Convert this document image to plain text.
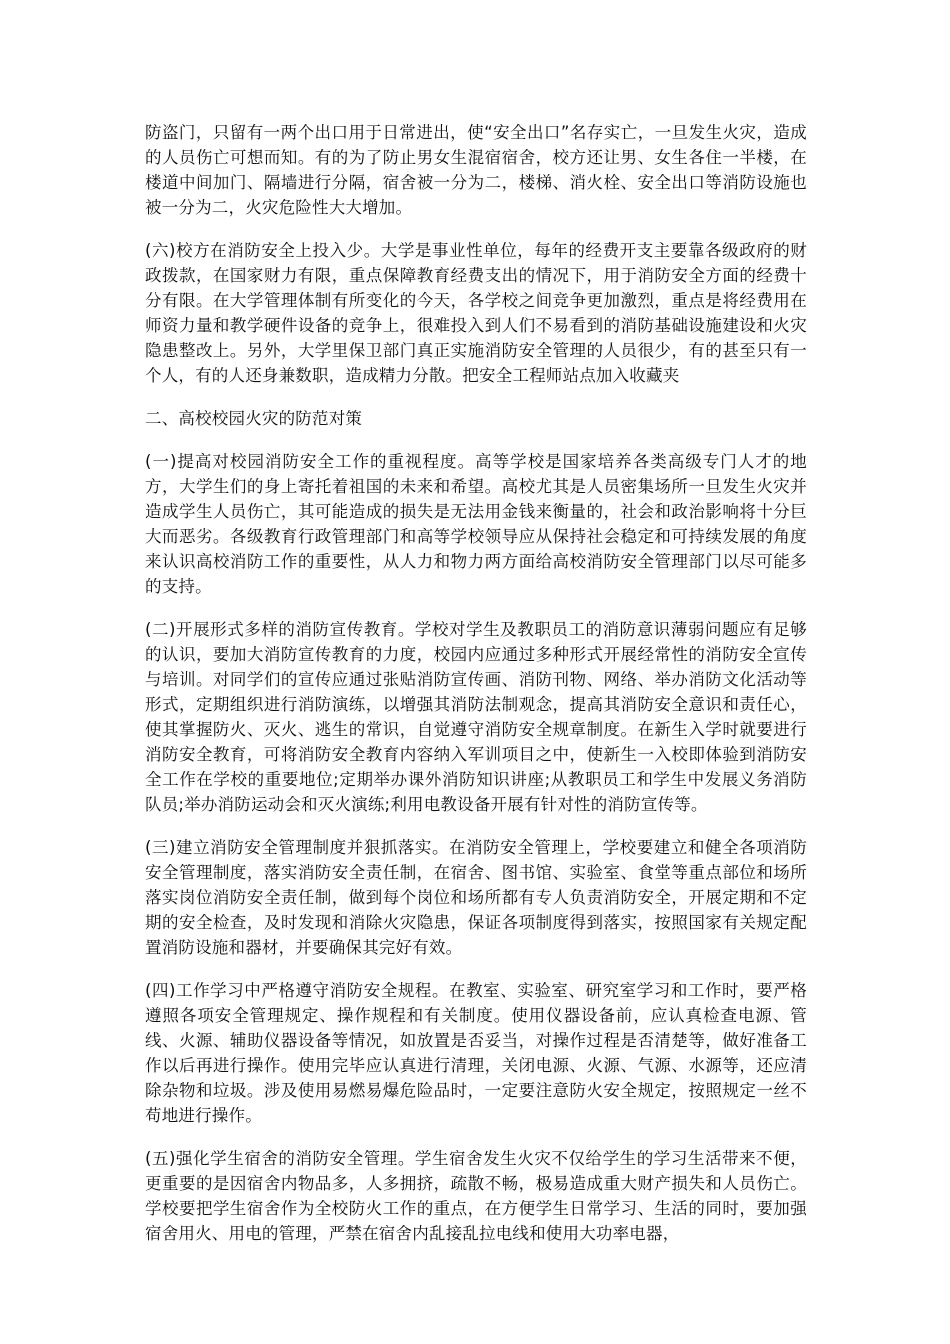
防盗门，只留有一两个出口用于日常进出，使“安全出口”名存实亡，一旦发生火灾，造成的人员伤亡可想而知。有的为了防止男女生混宿宿舍，校方还让男、女生各住一半楼，在楼道中间加门、隔墙进行分隔，宿舍被一分为二，楼梯、消火栓、安全出口等消防设施也被一分为二，火灾危险性大大增加。

(六)校方在消防安全上投入少。大学是事业性单位，每年的经费开支主要靠各级政府的财政拨款，在国家财力有限，重点保障教育经费支出的情况下，用于消防安全方面的经费十分有限。在大学管理体制有所变化的今天，各学校之间竞争更加激烈，重点是将经费用在师资力量和教学硬件设备的竞争上，很难投入到人们不易看到的消防基础设施建设和火灾隐患整改上。另外，大学里保卫部门真正实施消防安全管理的人员很少，有的甚至只有一个人，有的人还身兼数职，造成精力分散。把安全工程师站点加入收藏夹

二、高校校园火灾的防范对策

(一)提高对校园消防安全工作的重视程度。高等学校是国家培养各类高级专门人才的地方，大学生们的身上寄托着祖国的未来和希望。高校尤其是人员密集场所一旦发生火灾并造成学生人员伤亡，其可能造成的损失是无法用金钱来衡量的，社会和政治影响将十分巨大而恶劣。各级教育行政管理部门和高等学校领导应从保持社会稳定和可持续发展的角度来认识高校消防工作的重要性，从人力和物力两方面给高校消防安全管理部门以尽可能多的支持。

(二)开展形式多样的消防宣传教育。学校对学生及教职员工的消防意识薄弱问题应有足够的认识，要加大消防宣传教育的力度，校园内应通过多种形式开展经常性的消防安全宣传与培训。对同学们的宣传应通过张贴消防宣传画、消防刊物、网络、举办消防文化活动等形式，定期组织进行消防演练，以增强其消防法制观念，提高其消防安全意识和责任心，使其掌握防火、灭火、逃生的常识，自觉遵守消防安全规章制度。在新生入学时就要进行消防安全教育，可将消防安全教育内容纳入军训项目之中，使新生一入校即体验到消防安全工作在学校的重要地位;定期举办课外消防知识讲座;从教职员工和学生中发展义务消防队员;举办消防运动会和灭火演练;利用电教设备开展有针对性的消防宣传等。

(三)建立消防安全管理制度并狠抓落实。在消防安全管理上，学校要建立和健全各项消防安全管理制度，落实消防安全责任制，在宿舍、图书馆、实验室、食堂等重点部位和场所落实岗位消防安全责任制，做到每个岗位和场所都有专人负责消防安全，开展定期和不定期的安全检查，及时发现和消除火灾隐患，保证各项制度得到落实，按照国家有关规定配置消防设施和器材，并要确保其完好有效。

(四)工作学习中严格遵守消防安全规程。在教室、实验室、研究室学习和工作时，要严格遵照各项安全管理规定、操作规程和有关制度。使用仪器设备前，应认真检查电源、管线、火源、辅助仪器设备等情况，如放置是否妥当，对操作过程是否清楚等，做好准备工作以后再进行操作。使用完毕应认真进行清理，关闭电源、火源、气源、水源等，还应清除杂物和垃圾。涉及使用易燃易爆危险品时，一定要注意防火安全规定，按照规定一丝不苟地进行操作。

(五)强化学生宿舍的消防安全管理。学生宿舍发生火灾不仅给学生的学习生活带来不便，更重要的是因宿舍内物品多，人多拥挤，疏散不畅，极易造成重大财产损失和人员伤亡。学校要把学生宿舍作为全校防火工作的重点，在方便学生日常学习、生活的同时，要加强宿舍用火、用电的管理，严禁在宿舍内乱接乱拉电线和使用大功率电器，
